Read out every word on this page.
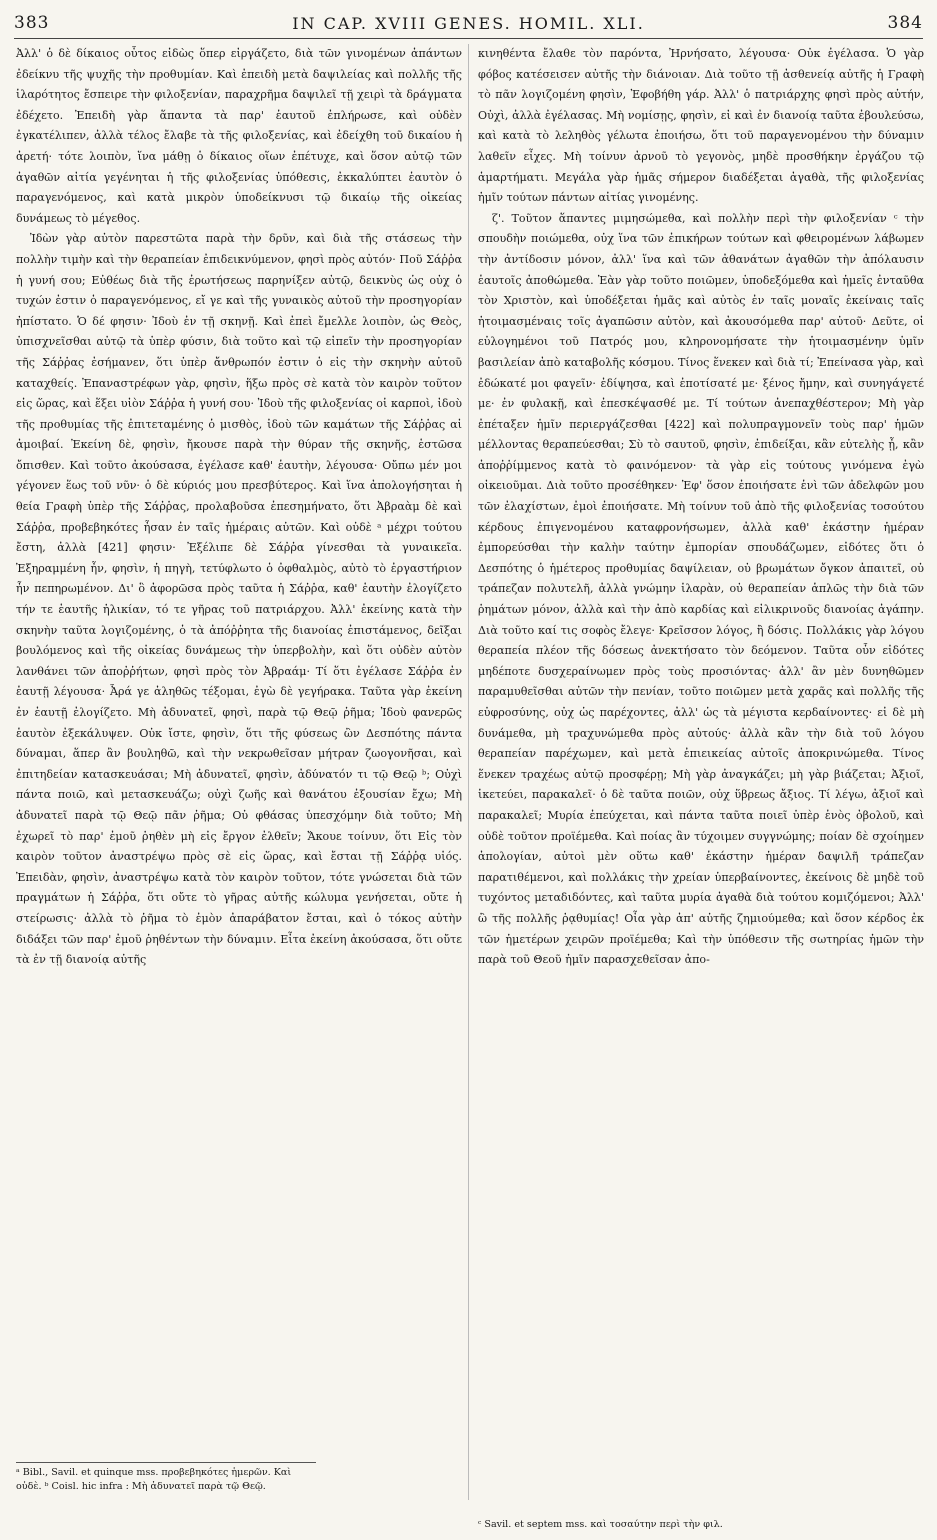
383	IN CAP. XVIII GENES. HOMIL. XLI.	384

Ἀλλ' ὁ δὲ δίκαιος οὗτος εἰδὼς ὅπερ εἰργάζετο, διὰ τῶν γινομένων ἁπάντων ἐδείκνυ τῆς ψυχῆς τὴν προθυμίαν. Καὶ ἐπειδὴ μετὰ δαψιλείας καὶ πολλῆς τῆς ἱλαρότητος ἔσπειρε τὴν φιλοξενίαν, παραχρῆμα δαψιλεῖ τῇ χειρὶ τὰ δράγματα ἐδέχετο. Ἐπειδὴ γὰρ ἅπαντα τὰ παρ' ἑαυτοῦ ἐπλήρωσε, καὶ οὐδὲν ἐγκατέλιπεν, ἀλλὰ τέλος ἔλαβε τὰ τῆς φιλοξενίας, καὶ ἐδείχθη τοῦ δικαίου ἡ ἀρετή· τότε λοιπὸν, ἵνα μάθῃ ὁ δίκαιος οἵων ἐπέτυχε, καὶ ὅσον αὐτῷ τῶν ἀγαθῶν αἰτία γεγένηται ἡ τῆς φιλοξενίας ὑπόθεσις, ἐκκαλύπτει ἑαυτὸν ὁ παραγενόμενος, καὶ κατὰ μικρὸν ὑποδείκνυσι τῷ δικαίῳ τῆς οἰκείας δυνάμεως τὸ μέγεθος.

Ἰδὼν γὰρ αὐτὸν παρεστῶτα παρὰ τὴν δρῦν, καὶ διὰ τῆς στάσεως τὴν πολλὴν τιμὴν καὶ τὴν θεραπείαν ἐπιδεικνύμενον, φησὶ πρὸς αὐτόν· Ποῦ Σάῤῥα ἡ γυνή σου; Εὐθέως διὰ τῆς ἐρωτήσεως παρηνίξεν αὐτῷ, δεικνὺς ὡς οὐχ ὁ τυχών ἐστιν ὁ παραγενόμενος, εἴ γε καὶ τῆς γυναικὸς αὐτοῦ τὴν προσηγορίαν ἠπίστατο. Ὁ δέ φησιν· Ἰδοὺ ἐν τῇ σκηνῇ. Καὶ ἐπεὶ ἔμελλε λοιπὸν, ὡς Θεὸς, ὑπισχνεῖσθαι αὐτῷ τὰ ὑπὲρ φύσιν, διὰ τοῦτο καὶ τῷ εἰπεῖν τὴν προσηγορίαν τῆς Σάῤῥας ἐσήμανεν, ὅτι ὑπὲρ ἄνθρωπόν ἐστιν ὁ εἰς τὴν σκηνὴν αὐτοῦ καταχθείς. Ἐπαναστρέφων γὰρ, φησὶν, ἥξω πρὸς σὲ κατὰ τὸν καιρὸν τοῦτον εἰς ὥρας, καὶ ἕξει υἱὸν Σάῤῥα ἡ γυνή σου· Ἰδοὺ τῆς φιλοξενίας οἱ καρποὶ, ἰδοὺ τῆς προθυμίας τῆς ἐπιτεταμένης ὁ μισθὸς, ἰδοὺ τῶν καμάτων τῆς Σάῤῥας αἱ ἀμοιβαί. Ἐκείνη δὲ, φησὶν, ἤκουσε παρὰ τὴν θύραν τῆς σκηνῆς, ἑστῶσα ὄπισθεν. Καὶ τοῦτο ἀκούσασα, ἐγέλασε καθ' ἑαυτὴν, λέγουσα· Οὔπω μέν μοι γέγονεν ἕως τοῦ νῦν· ὁ δὲ κύριός μου πρεσβύτερος. Καὶ ἵνα ἀπολογήσηται ἡ θεία Γραφὴ ὑπὲρ τῆς Σάῤῥας, προλαβοῦσα ἐπεσημήνατο, ὅτι Ἀβραὰμ δὲ καὶ Σάῤῥα, προβεβηκότες ἦσαν ἐν ταῖς ἡμέραις αὐτῶν. Καὶ οὐδὲ ᵃ μέχρι τούτου ἔστη, ἀλλὰ [421] φησιν· Ἐξέλιπε δὲ Σάῤῥα γίνεσθαι τὰ γυναικεῖα. Ἐξηραμμένη ἦν, φησὶν, ἡ πηγὴ, τετύφλωτο ὁ ὀφθαλμὸς, αὐτὸ τὸ ἐργαστήριον ἦν πεπηρωμένον. Δι' ὃ ἀφορῶσα πρὸς ταῦτα ἡ Σάῤῥα, καθ' ἑαυτὴν ἐλογίζετο τήν τε ἑαυτῆς ἡλικίαν, τό τε γῆρας τοῦ πατριάρχου. Ἀλλ' ἐκείνης κατὰ τὴν σκηνὴν ταῦτα λογιζομένης, ὁ τὰ ἀπόῤῥητα τῆς διανοίας ἐπιστάμενος, δεῖξαι βουλόμενος καὶ τῆς οἰκείας δυνάμεως τὴν ὑπερβολὴν, καὶ ὅτι οὐδὲν αὐτὸν λανθάνει τῶν ἀποῤῥήτων, φησὶ πρὸς τὸν Ἀβραάμ· Τί ὅτι ἐγέλασε Σάῤῥα ἐν ἑαυτῇ λέγουσα· Ἆρά γε ἀληθῶς τέξομαι, ἐγὼ δὲ γεγήρακα. Ταῦτα γὰρ ἐκείνη ἐν ἑαυτῇ ἐλογίζετο. Μὴ ἀδυνατεῖ, φησὶ, παρὰ τῷ Θεῷ ῥῆμα; Ἰδοὺ φανερῶς ἑαυτὸν ἐξεκάλυψεν. Οὐκ ἴστε, φησὶν, ὅτι τῆς φύσεως ὢν Δεσπότης πάντα δύναμαι, ἅπερ ἂν βουληθῶ, καὶ τὴν νεκρωθεῖσαν μήτραν ζωογονῆσαι, καὶ ἐπιτηδείαν κατασκευάσαι; Μὴ ἀδυνατεῖ, φησὶν, ἀδύνατόν τι τῷ Θεῷ ᵇ; Οὐχὶ πάντα ποιῶ, καὶ μετασκευάζω; οὐχὶ ζωῆς καὶ θανάτου ἐξουσίαν ἔχω; Μὴ ἀδυνατεῖ παρὰ τῷ Θεῷ πᾶν ῥῆμα; Οὐ φθάσας ὑπεσχόμην διὰ τοῦτο; Μὴ ἐχωρεῖ τὸ παρ' ἐμοῦ ῥηθὲν μὴ εἰς ἔργον ἐλθεῖν; Ἄκουε τοίνυν, ὅτι Εἰς τὸν καιρὸν τοῦτον ἀναστρέψω πρὸς σὲ εἰς ὥρας, καὶ ἔσται τῇ Σάῤῥᾳ υἱός. Ἐπειδὰν, φησὶν, ἀναστρέψω κατὰ τὸν καιρὸν τοῦτον, τότε γνώσεται διὰ τῶν πραγμάτων ἡ Σάῤῥα, ὅτι οὔτε τὸ γῆρας αὐτῆς κώλυμα γενήσεται, οὔτε ἡ στείρωσις· ἀλλὰ τὸ ῥῆμα τὸ ἐμὸν ἀπαράβατον ἔσται, καὶ ὁ τόκος αὐτὴν διδάξει τῶν παρ' ἐμοῦ ῥηθέντων τὴν δύναμιν. Εἶτα ἐκείνη ἀκούσασα, ὅτι οὔτε τὰ ἐν τῇ διανοίᾳ αὐτῆς

κινηθέντα ἔλαθε τὸν παρόντα, Ἠρνήσατο, λέγουσα· Οὐκ ἐγέλασα. Ὁ γὰρ φόβος κατέσεισεν αὐτῆς τὴν διάνοιαν. Διὰ τοῦτο τῇ ἀσθενείᾳ αὐτῆς ἡ Γραφὴ τὸ πᾶν λογιζομένη φησὶν, Ἐφοβήθη γάρ. Ἀλλ' ὁ πατριάρχης φησὶ πρὸς αὐτήν, Οὐχὶ, ἀλλὰ ἐγέλασας. Μὴ νομίσῃς, φησὶν, εἰ καὶ ἐν διανοίᾳ ταῦτα ἐβουλεύσω, καὶ κατὰ τὸ λεληθὸς γέλωτα ἐποιήσω, ὅτι τοῦ παραγενομένου τὴν δύναμιν λαθεῖν εἶχες. Μὴ τοίνυν ἀρνοῦ τὸ γεγονὸς, μηδὲ προσθήκην ἐργάζου τῷ ἁμαρτήματι. Μεγάλα γὰρ ἡμᾶς σήμερον διαδέξεται ἀγαθὰ, τῆς φιλοξενίας ἡμῖν τούτων πάντων αἰτίας γινομένης.

ζ'. Τοῦτον ἅπαντες μιμησώμεθα, καὶ πολλὴν περὶ τὴν φιλοξενίαν ᶜ τὴν σπουδὴν ποιώμεθα, οὐχ ἵνα τῶν ἐπικήρων τούτων καὶ φθειρομένων λάβωμεν τὴν ἀντίδοσιν μόνον, ἀλλ' ἵνα καὶ τῶν ἀθανάτων ἀγαθῶν τὴν ἀπόλαυσιν ἑαυτοῖς ἀποθώμεθα. Ἐὰν γὰρ τοῦτο ποιῶμεν, ὑποδεξόμεθα καὶ ἡμεῖς ἐνταῦθα τὸν Χριστὸν, καὶ ὑποδέξεται ἡμᾶς καὶ αὐτὸς ἐν ταῖς μοναῖς ἐκείναις ταῖς ἡτοιμασμέναις τοῖς ἀγαπῶσιν αὐτὸν, καὶ ἀκουσόμεθα παρ' αὐτοῦ· Δεῦτε, οἱ εὐλογημένοι τοῦ Πατρός μου, κληρονομήσατε τὴν ἡτοιμασμένην ὑμῖν βασιλείαν ἀπὸ καταβολῆς κόσμου. Τίνος ἕνεκεν καὶ διὰ τί; Ἐπείνασα γὰρ, καὶ ἐδώκατέ μοι φαγεῖν· ἐδίψησα, καὶ ἐποτίσατέ με· ξένος ἤμην, καὶ συνηγάγετέ με· ἐν φυλακῇ, καὶ ἐπεσκέψασθέ με. Τί τούτων ἀνεπαχθέστερον; Μὴ γὰρ ἐπέταξεν ἡμῖν περιεργάζεσθαι [422] καὶ πολυπραγμονεῖν τοὺς παρ' ἡμῶν μέλλοντας θεραπεύεσθαι; Σὺ τὸ σαυτοῦ, φησὶν, ἐπιδείξαι, κἂν εὐτελὴς ᾖ, κἂν ἀποῤῥίμμενος κατὰ τὸ φαινόμενον· τὰ γὰρ εἰς τούτους γινόμενα ἐγὼ οἰκειοῦμαι. Διὰ τοῦτο προσέθηκεν· Ἐφ' ὅσον ἐποιήσατε ἑνὶ τῶν ἀδελφῶν μου τῶν ἐλαχίστων, ἐμοὶ ἐποιήσατε. Μὴ τοίνυν τοῦ ἀπὸ τῆς φιλοξενίας τοσούτου κέρδους ἐπιγενομένου καταφρονήσωμεν, ἀλλὰ καθ' ἑκάστην ἡμέραν ἐμπορεύσθαι τὴν καλὴν ταύτην ἐμπορίαν σπουδάζωμεν, εἰδότες ὅτι ὁ Δεσπότης ὁ ἡμέτερος προθυμίας δαψίλειαν, οὐ βρωμάτων ὄγκον ἀπαιτεῖ, οὐ τράπεζαν πολυτελῆ, ἀλλὰ γνώμην ἱλαρὰν, οὐ θεραπείαν ἁπλῶς τὴν διὰ τῶν ῥημάτων μόνον, ἀλλὰ καὶ τὴν ἀπὸ καρδίας καὶ εἰλικρινοῦς διανοίας ἀγάπην. Διὰ τοῦτο καί τις σοφὸς ἔλεγε· Κρεῖσσον λόγος, ἢ δόσις. Πολλάκις γὰρ λόγου θεραπεία πλέον τῆς δόσεως ἀνεκτήσατο τὸν δεόμενον. Ταῦτα οὖν εἰδότες μηδέποτε δυσχεραίνωμεν πρὸς τοὺς προσιόντας· ἀλλ' ἂν μὲν δυνηθῶμεν παραμυθεῖσθαι αὐτῶν τὴν πενίαν, τοῦτο ποιῶμεν μετὰ χαρᾶς καὶ πολλῆς τῆς εὐφροσύνης, οὐχ ὡς παρέχοντες, ἀλλ' ὡς τὰ μέγιστα κερδαίνοντες· εἰ δὲ μὴ δυνάμεθα, μὴ τραχυνώμεθα πρὸς αὐτούς· ἀλλὰ κἂν τὴν διὰ τοῦ λόγου θεραπείαν παρέχωμεν, καὶ μετὰ ἐπιεικείας αὐτοῖς ἀποκρινώμεθα. Τίνος ἕνεκεν τραχέως αὐτῷ προσφέρῃ; Μὴ γὰρ ἀναγκάζει; μὴ γὰρ βιάζεται; Ἀξιοῖ, ἱκετεύει, παρακαλεῖ· ὁ δὲ ταῦτα ποιῶν, οὐχ ὕβρεως ἄξιος. Τί λέγω, ἀξιοῖ καὶ παρακαλεῖ; Μυρία ἐπεύχεται, καὶ πάντα ταῦτα ποιεῖ ὑπὲρ ἑνὸς ὀβολοῦ, καὶ οὐδὲ τοῦτον προϊέμεθα. Καὶ ποίας ἂν τύχοιμεν συγγνώμης; ποίαν δὲ σχοίημεν ἀπολογίαν, αὐτοὶ μὲν οὕτω καθ' ἑκάστην ἡμέραν δαψιλῆ τράπεζαν παρατιθέμενοι, καὶ πολλάκις τὴν χρείαν ὑπερβαίνοντες, ἐκείνοις δὲ μηδὲ τοῦ τυχόντος μεταδιδόντες, καὶ ταῦτα μυρία ἀγαθὰ διὰ τούτου κομιζόμενοι; Ἀλλ' ὢ τῆς πολλῆς ῥᾳθυμίας! Οἷα γὰρ ἀπ' αὐτῆς ζημιούμεθα; καὶ ὅσον κέρδος ἐκ τῶν ἡμετέρων χειρῶν προϊέμεθα; Καὶ τὴν ὑπόθεσιν τῆς σωτηρίας ἡμῶν τὴν παρὰ τοῦ Θεοῦ ἡμῖν παρασχεθεῖσαν ἀπο-

ᵃ Bibl., Savil. et quinque mss. προβεβηκότες ἡμερῶν. Καὶ οὐδὲ. ᵇ Coisl. hic infra : Μὴ ἀδυνατεῖ παρὰ τῷ Θεῷ.
ᶜ Savil. et septem mss. καὶ τοσαύτην περὶ τὴν φιλ.
